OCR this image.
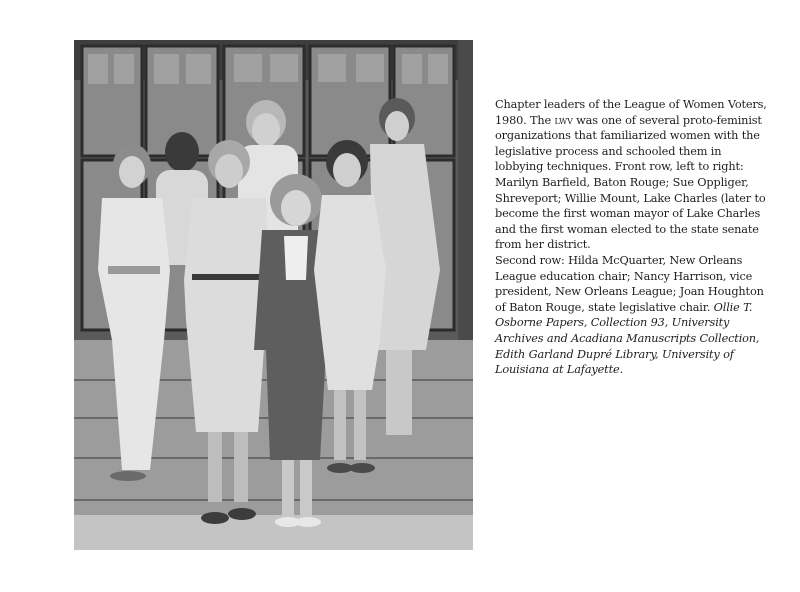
Chapter leaders of the League of Women Voters, 1980. The lwv was one of several proto-feminist organizations that familiarized women with the legislative process and schooled them in lobbying techniques. Front row, left to right: Marilyn Barfield, Baton Rouge; Sue Oppliger, Shreveport; Willie Mount, Lake Charles (later to become the first woman mayor of Lake Charles and the first woman elected to the state senate from her district.

Second row: Hilda McQuarter, New Orleans League education chair; Nancy Harrison, vice president, New Orleans League; Joan Houghton of Baton Rouge, state legislative chair. Ollie T. Osborne Papers, Collection 93, University Archives and Acadiana Manuscripts Collection, Edith Garland Dupré Library, University of Louisiana at Lafayette.
